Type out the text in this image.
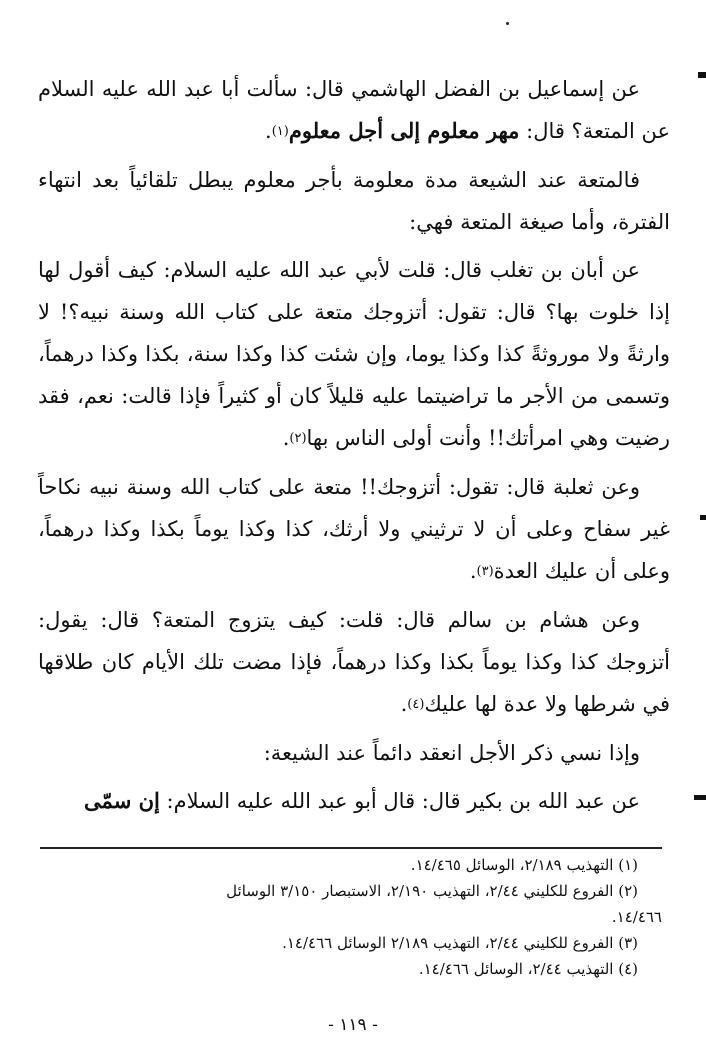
عن إسماعيل بن الفضل الهاشمي قال: سألت أبا عبد الله عليه السلام عن المتعة؟ قال: مهر معلوم إلى أجل معلوم(١).

فالمتعة عند الشيعة مدة معلومة بأجر معلوم يبطل تلقائياً بعد انتهاء الفترة، وأما صيغة المتعة فهي:

عن أبان بن تغلب قال: قلت لأبي عبد الله عليه السلام: كيف أقول لها إذا خلوت بها؟ قال: تقول: أتزوجك متعة على كتاب الله وسنة نبيه؟! لا وارثةً ولا موروثةً كذا وكذا يوما، وإن شئت كذا وكذا سنة، بكذا وكذا درهماً، وتسمى من الأجر ما تراضيتما عليه قليلاً كان أو كثيراً فإذا قالت: نعم، فقد رضيت وهي امرأتك!! وأنت أولى الناس بها(٢).

وعن ثعلبة قال: تقول: أتزوجك!! متعة على كتاب الله وسنة نبيه نكاحاً غير سفاح وعلى أن لا ترثيني ولا أرثك، كذا وكذا يوماً بكذا وكذا درهماً، وعلى أن عليك العدة(٣).

وعن هشام بن سالم قال: قلت: كيف يتزوج المتعة؟ قال: يقول: أتزوجك كذا وكذا يوماً بكذا وكذا درهماً، فإذا مضت تلك الأيام كان طلاقها في شرطها ولا عدة لها عليك(٤).

وإذا نسي ذكر الأجل انعقد دائماً عند الشيعة:

عن عبد الله بن بكير قال: قال أبو عبد الله عليه السلام: إن سمّى

(١) التهذيب ٢/١٨٩، الوسائل ١٤/٤٦٥.

(٢) الفروع للكليني ٢/٤٤، التهذيب ٢/١٩٠، الاستبصار ٣/١٥٠ الوسائل

١٤/٤٦٦.

(٣) الفروع للكليني ٢/٤٤، التهذيب ٢/١٨٩ الوسائل ١٤/٤٦٦.

(٤) التهذيب ٢/٤٤، الوسائل ١٤/٤٦٦.

- ١١٩ -
